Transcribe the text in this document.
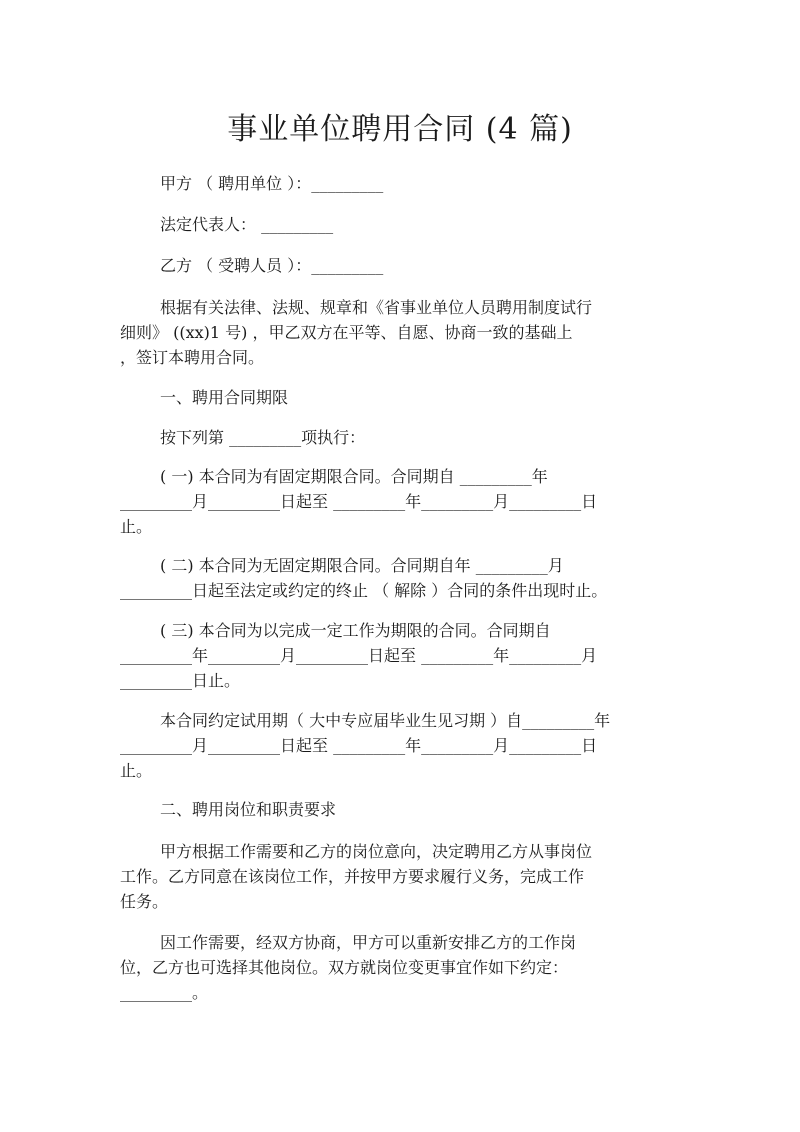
事业单位聘用合同 (4 篇)
甲方 （ 聘用单位 ）：_________
法定代表人： _________
乙方 （ 受聘人员 ）：_________
根据有关法律、法规、规章和《省事业单位人员聘用制度试行
细则》 ((xx)1 号) ，甲乙双方在平等、自愿、协商一致的基础上
，签订本聘用合同。
一、聘用合同期限
按下列第 _________项执行：
( 一) 本合同为有固定期限合同。合同期自 _________年
_________月_________日起至 _________年_________月_________日
止。
( 二) 本合同为无固定期限合同。合同期自年 _________月
_________日起至法定或约定的终止 （ 解除 ）合同的条件出现时止。
( 三) 本合同为以完成一定工作为期限的合同。合同期自
_________年_________月_________日起至 _________年_________月
_________日止。
本合同约定试用期（ 大中专应届毕业生见习期 ）自_________年
_________月_________日起至 _________年_________月_________日
止。
二、聘用岗位和职责要求
甲方根据工作需要和乙方的岗位意向，决定聘用乙方从事岗位
工作。乙方同意在该岗位工作，并按甲方要求履行义务，完成工作
任务。
因工作需要，经双方协商，甲方可以重新安排乙方的工作岗
位，乙方也可选择其他岗位。双方就岗位变更事宜作如下约定：
_________。
